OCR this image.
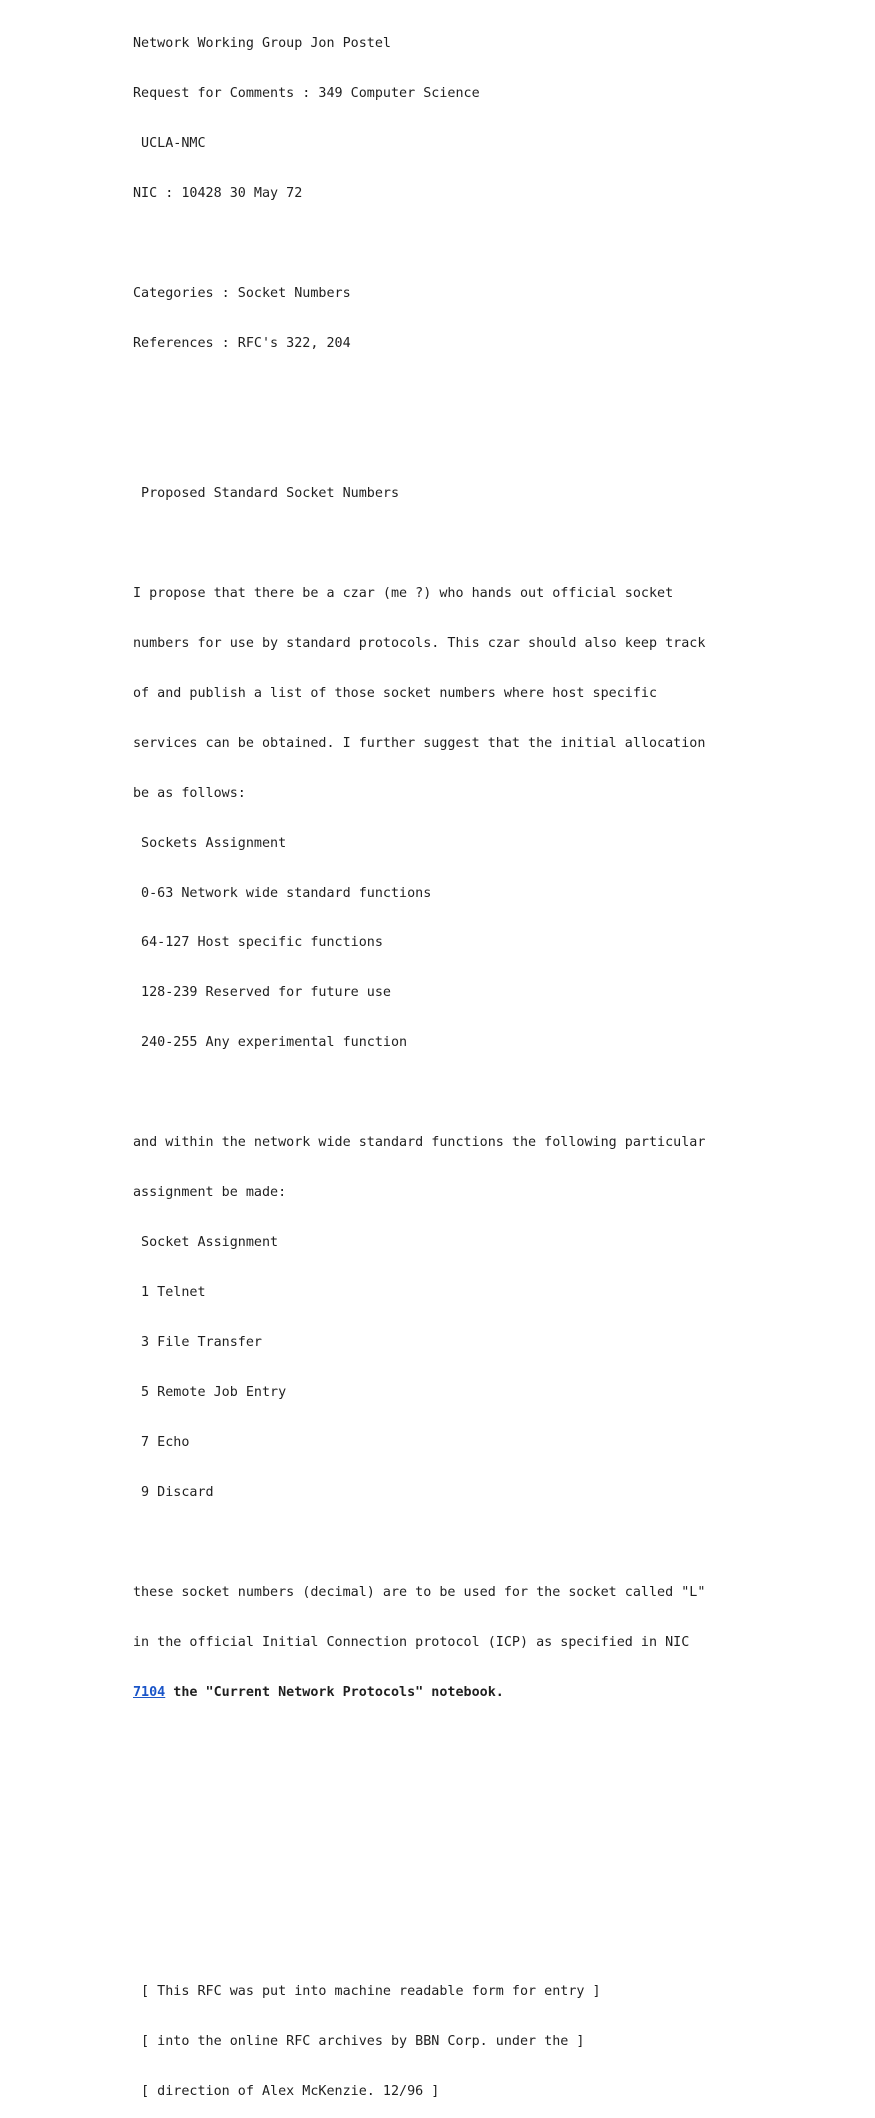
Network Working Group Jon Postel

Request for Comments : 349 Computer Science

UCLA-NMC

NIC : 10428 30 May 72

Categories : Socket Numbers

References : RFC's 322, 204

Proposed Standard Socket Numbers

I propose that there be a czar (me ?) who hands out official socket

numbers for use by standard protocols. This czar should also keep track

of and publish a list of those socket numbers where host specific

services can be obtained. I further suggest that the initial allocation

be as follows:

Sockets Assignment

0-63 Network wide standard functions

64-127 Host specific functions

128-239 Reserved for future use

240-255 Any experimental function

and within the network wide standard functions the following particular

assignment be made:

Socket Assignment

1 Telnet

3 File Transfer

5 Remote Job Entry

7 Echo

9 Discard

these socket numbers (decimal) are to be used for the socket called "L"

in the official Initial Connection protocol (ICP) as specified in NIC

7104 the "Current Network Protocols" notebook.

[ This RFC was put into machine readable form for entry ]

[ into the online RFC archives by BBN Corp. under the ]

[ direction of Alex McKenzie. 12/96 ]
